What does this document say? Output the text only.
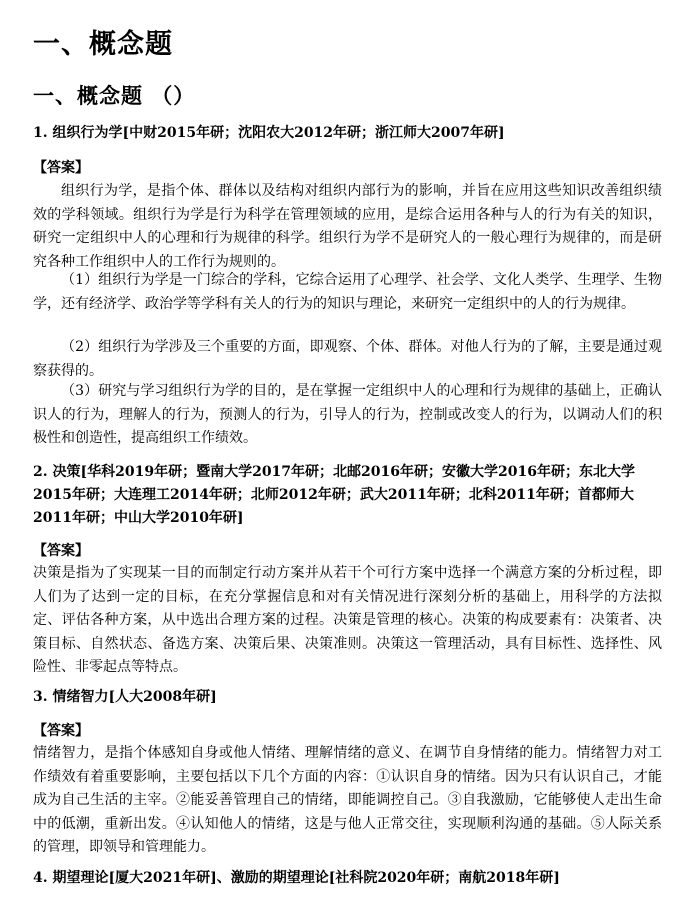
一、概念题
一、概念题 （）

1. 组织行为学[中财2015年研；沈阳农大2012年研；浙江师大2007年研]

【答案】

组织行为学，是指个体、群体以及结构对组织内部行为的影响，并旨在应用这些知识改善组织绩效的学科领域。组织行为学是行为科学在管理领域的应用，是综合运用各种与人的行为有关的知识，研究一定组织中人的心理和行为规律的科学。组织行为学不是研究人的一般心理行为规律的，而是研究各种工作组织中人的工作行为规则的。

（1）组织行为学是一门综合的学科，它综合运用了心理学、社会学、文化人类学、生理学、生物学，还有经济学、政治学等学科有关人的行为的知识与理论，来研究一定组织中的人的行为规律。

（2）组织行为学涉及三个重要的方面，即观察、个体、群体。对他人行为的了解，主要是通过观察获得的。

（3）研究与学习组织行为学的目的，是在掌握一定组织中人的心理和行为规律的基础上，正确认识人的行为，理解人的行为，预测人的行为，引导人的行为，控制或改变人的行为，以调动人们的积极性和创造性，提高组织工作绩效。

2. 决策[华科2019年研；暨南大学2017年研；北邮2016年研；安徽大学2016年研；东北大学2015年研；大连理工2014年研；北师2012年研；武大2011年研；北科2011年研；首都师大2011年研；中山大学2010年研]

【答案】

决策是指为了实现某一目的而制定行动方案并从若干个可行方案中选择一个满意方案的分析过程，即人们为了达到一定的目标，在充分掌握信息和对有关情况进行深刻分析的基础上，用科学的方法拟定、评估各种方案，从中选出合理方案的过程。决策是管理的核心。决策的构成要素有：决策者、决策目标、自然状态、备选方案、决策后果、决策准则。决策这一管理活动，具有目标性、选择性、风险性、非零起点等特点。

3. 情绪智力[人大2008年研]

【答案】

情绪智力，是指个体感知自身或他人情绪、理解情绪的意义、在调节自身情绪的能力。情绪智力对工作绩效有着重要影响，主要包括以下几个方面的内容：①认识自身的情绪。因为只有认识自己，才能成为自己生活的主宰。②能妥善管理自己的情绪，即能调控自己。③自我激励，它能够使人走出生命中的低潮，重新出发。④认知他人的情绪，这是与他人正常交往，实现顺利沟通的基础。⑤人际关系的管理，即领导和管理能力。

4. 期望理论[厦大2021年研]、激励的期望理论[社科院2020年研；南航2018年研]
